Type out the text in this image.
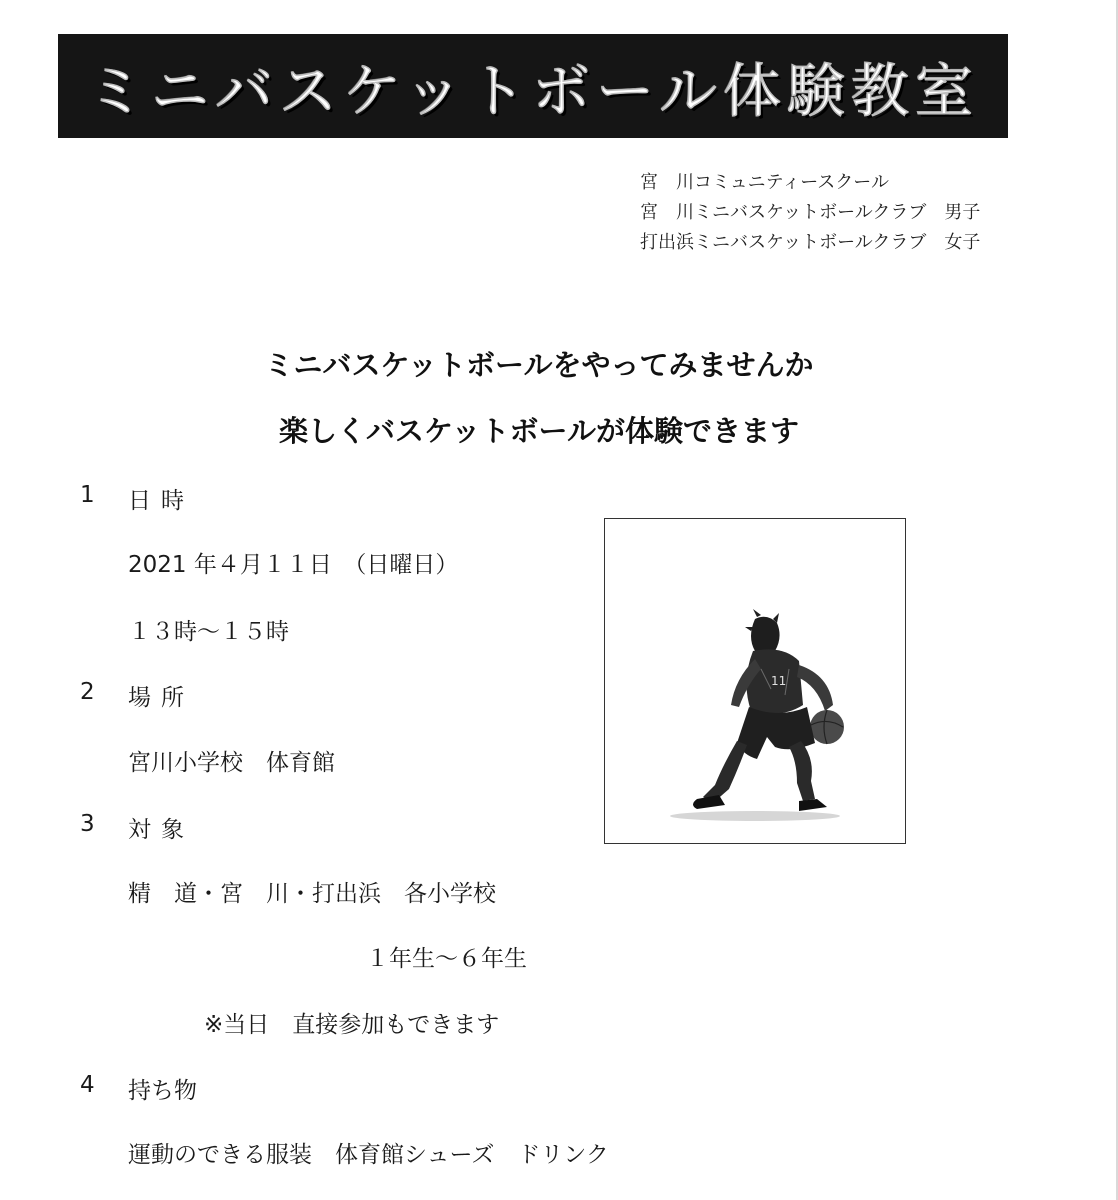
ミニバスケットボール体験教室
宮　川コミュニティースクール
宮　川ミニバスケットボールクラブ　男子
打出浜ミニバスケットボールクラブ　女子
ミニバスケットボールをやってみませんか
楽しくバスケットボールが体験できます
1 日時
2021 年４月１１日　（日曜日）
１３時～１５時
2 場所
宮川小学校　体育館
3 対象
精　道・宮　川・打出浜　各小学校
１年生～６年生
※当日　直接参加もできます
4 持ち物
運動のできる服装　体育館シューズ　ドリンク
11
